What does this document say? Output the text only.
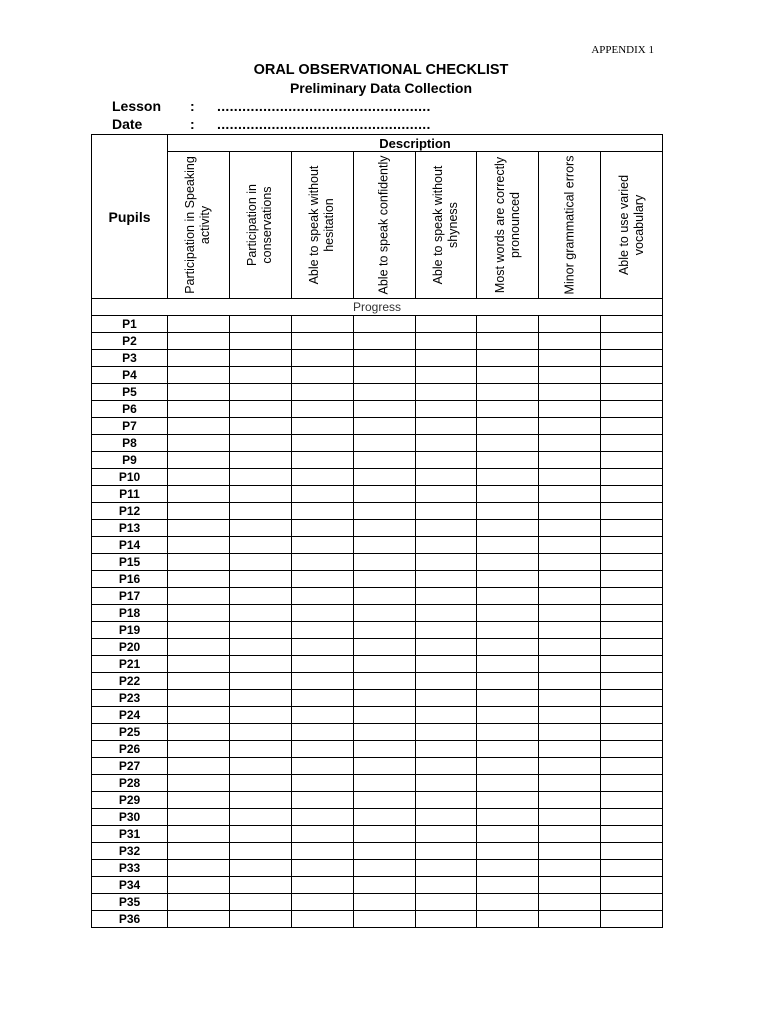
APPENDIX 1
ORAL OBSERVATIONAL CHECKLIST
Preliminary Data Collection
Lesson	: ...................................................
Date	: ...................................................
Pupils	Description							

	Participation in Speaking activity	Participation in conservations	Able to speak without hesitation	Able to speak confidently	Able to speak without shyness	Most words are correctly pronounced	Minor grammatical errors	Able to use varied vocabulary

Progress								
P1								
P2								
P3								
P4								
P5								
P6								
P7								
P8								
P9								
P10								
P11								
P12								
P13								
P14								
P15								
P16								
P17								
P18								
P19								
P20								
P21								
P22								
P23								
P24								
P25								
P26								
P27								
P28								
P29								
P30								
P31								
P32								
P33								
P34								
P35								
P36								
